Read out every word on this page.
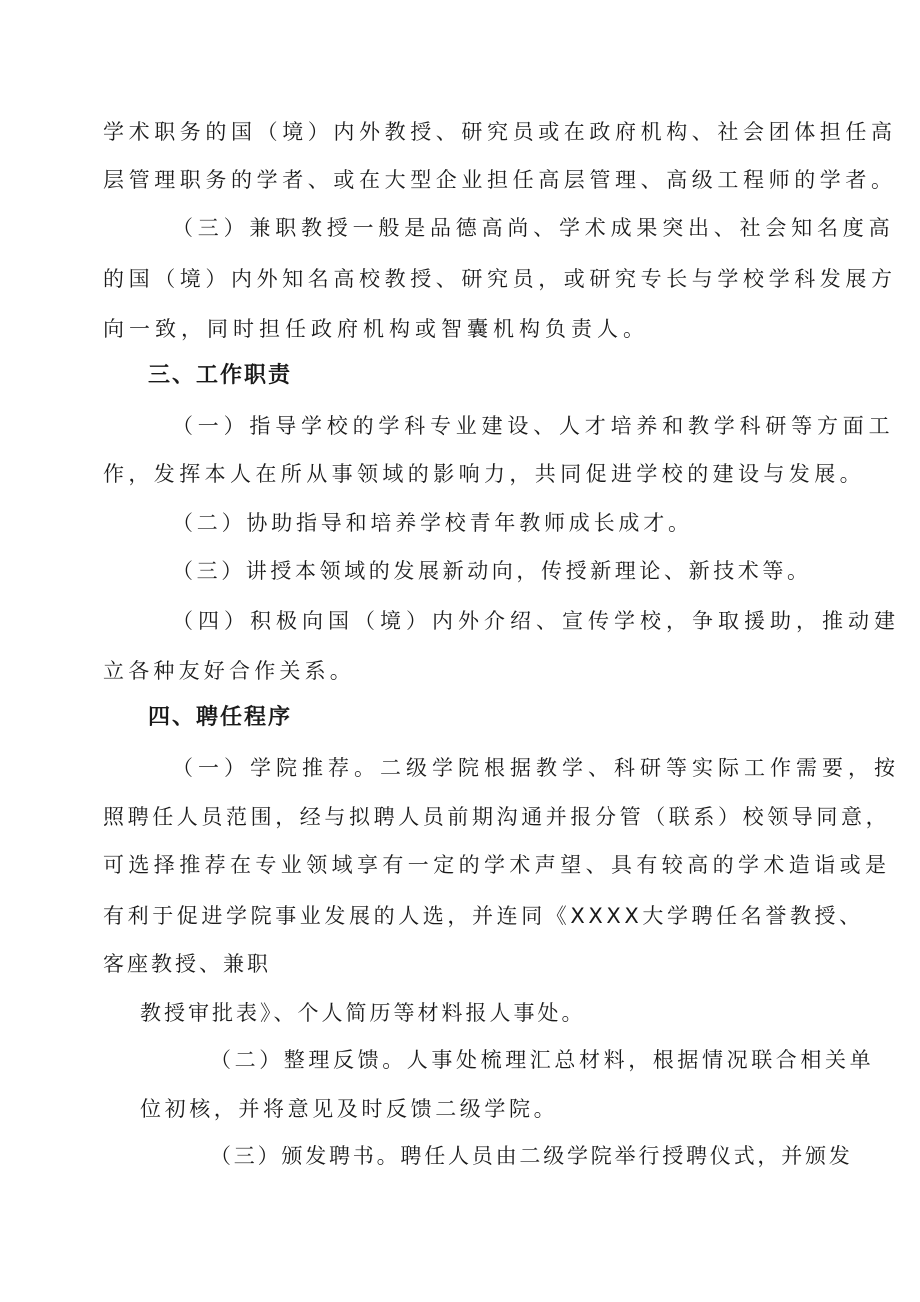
学术职务的国（境）内外教授、研究员或在政府机构、社会团体担任高

层管理职务的学者、或在大型企业担任高层管理、高级工程师的学者。

（三）兼职教授一般是品德高尚、学术成果突出、社会知名度高

的国（境）内外知名高校教授、研究员，或研究专长与学校学科发展方

向一致，同时担任政府机构或智囊机构负责人。

三、工作职责

（一）指导学校的学科专业建设、人才培养和教学科研等方面工

作，发挥本人在所从事领域的影响力，共同促进学校的建设与发展。

（二）协助指导和培养学校青年教师成长成才。

（三）讲授本领域的发展新动向，传授新理论、新技术等。

（四）积极向国（境）内外介绍、宣传学校，争取援助，推动建

立各种友好合作关系。

四、聘任程序

（一）学院推荐。二级学院根据教学、科研等实际工作需要，按

照聘任人员范围，经与拟聘人员前期沟通并报分管（联系）校领导同意，

可选择推荐在专业领域享有一定的学术声望、具有较高的学术造诣或是

有利于促进学院事业发展的人选，并连同《XXXX大学聘任名誉教授、

客座教授、兼职

教授审批表》、个人简历等材料报人事处。

（二）整理反馈。人事处梳理汇总材料，根据情况联合相关单

位初核，并将意见及时反馈二级学院。

（三）颁发聘书。聘任人员由二级学院举行授聘仪式，并颁发
